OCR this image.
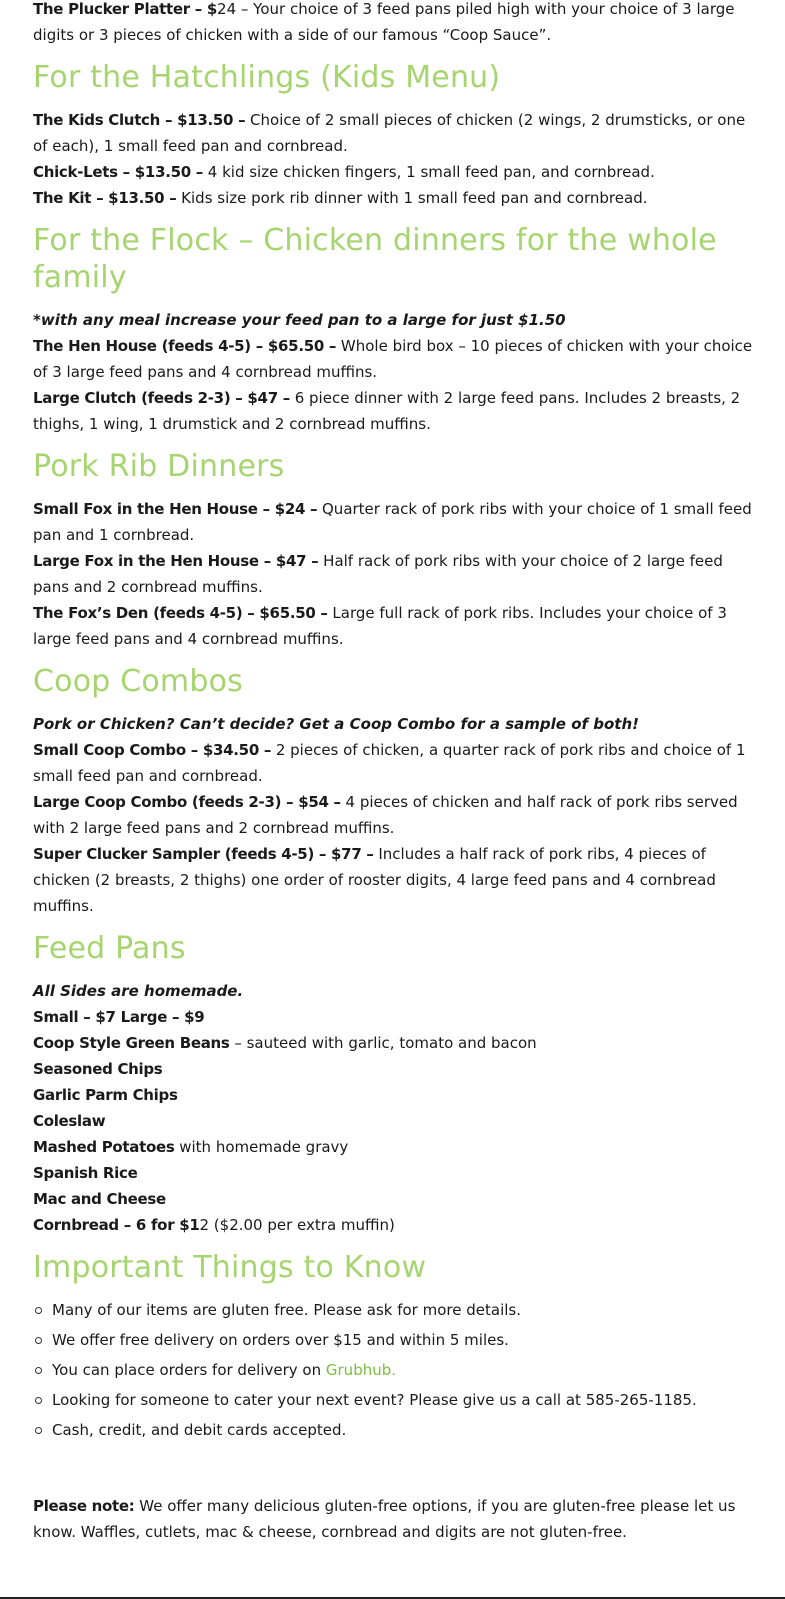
The Plucker Platter – $24 – Your choice of 3 feed pans piled high with your choice of 3 large digits or 3 pieces of chicken with a side of our famous “Coop Sauce”.

For the Hatchlings (Kids Menu)

The Kids Clutch – $13.50 – Choice of 2 small pieces of chicken (2 wings, 2 drumsticks, or one of each), 1 small feed pan and cornbread.

Chick-Lets – $13.50 – 4 kid size chicken fingers, 1 small feed pan, and cornbread.

The Kit – $13.50 – Kids size pork rib dinner with 1 small feed pan and cornbread.

For the Flock – Chicken dinners for the whole family

*with any meal increase your feed pan to a large for just $1.50

The Hen House (feeds 4-5) – $65.50 – Whole bird box – 10 pieces of chicken with your choice of 3 large feed pans and 4 cornbread muffins.

Large Clutch (feeds 2-3) – $47 – 6 piece dinner with 2 large feed pans. Includes 2 breasts, 2 thighs, 1 wing, 1 drumstick and 2 cornbread muffins.

Pork Rib Dinners

Small Fox in the Hen House – $24 – Quarter rack of pork ribs with your choice of 1 small feed pan and 1 cornbread.

Large Fox in the Hen House – $47 – Half rack of pork ribs with your choice of 2 large feed pans and 2 cornbread muffins.

The Fox’s Den (feeds 4-5) – $65.50 – Large full rack of pork ribs. Includes your choice of 3 large feed pans and 4 cornbread muffins.

Coop Combos

Pork or Chicken? Can’t decide? Get a Coop Combo for a sample of both!

Small Coop Combo – $34.50 – 2 pieces of chicken, a quarter rack of pork ribs and choice of 1 small feed pan and cornbread.

Large Coop Combo (feeds 2-3) – $54 – 4 pieces of chicken and half rack of pork ribs served with 2 large feed pans and 2 cornbread muffins.

Super Clucker Sampler (feeds 4-5) – $77 – Includes a half rack of pork ribs, 4 pieces of chicken (2 breasts, 2 thighs) one order of rooster digits, 4 large feed pans and 4 cornbread muffins.

Feed Pans

All Sides are homemade.

Small – $7 Large – $9

Coop Style Green Beans – sauteed with garlic, tomato and bacon

Seasoned Chips

Garlic Parm Chips

Coleslaw

Mashed Potatoes with homemade gravy

Spanish Rice

Mac and Cheese

Cornbread – 6 for $12 ($2.00 per extra muffin)

Important Things to Know
Many of our items are gluten free. Please ask for more details.
We offer free delivery on orders over $15 and within 5 miles.
You can place orders for delivery on Grubhub.
Looking for someone to cater your next event? Please give us a call at 585-265-1185.
Cash, credit, and debit cards accepted.

Please note: We offer many delicious gluten-free options, if you are gluten-free please let us know. Waffles, cutlets, mac & cheese, cornbread and digits are not gluten-free.
